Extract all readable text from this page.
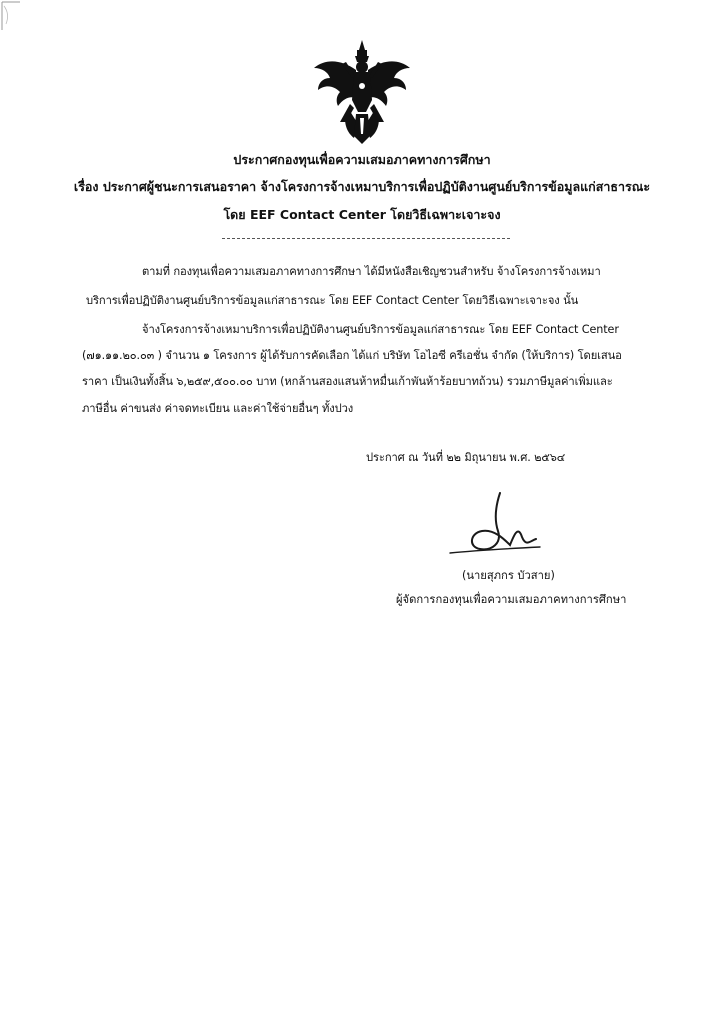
ประกาศกองทุนเพื่อความเสมอภาคทางการศึกษา
เรื่อง ประกาศผู้ชนะการเสนอราคา จ้างโครงการจ้างเหมาบริการเพื่อปฏิบัติงานศูนย์บริการข้อมูลแก่สาธารณะ
โดย EEF Contact Center โดยวิธีเฉพาะเจาะจง
ตามที่ กองทุนเพื่อความเสมอภาคทางการศึกษา ได้มีหนังสือเชิญชวนสำหรับ จ้างโครงการจ้างเหมา
บริการเพื่อปฏิบัติงานศูนย์บริการข้อมูลแก่สาธารณะ โดย EEF Contact Center โดยวิธีเฉพาะเจาะจง นั้น
จ้างโครงการจ้างเหมาบริการเพื่อปฏิบัติงานศูนย์บริการข้อมูลแก่สาธารณะ โดย EEF Contact Center
(๗๑.๑๑.๒๐.๐๓ ) จำนวน ๑ โครงการ ผู้ได้รับการคัดเลือก ได้แก่ บริษัท โอไอซี ครีเอชั่น จำกัด (ให้บริการ) โดยเสนอ
ราคา เป็นเงินทั้งสิ้น ๖,๒๕๙,๕๐๐.๐๐ บาท (หกล้านสองแสนห้าหมื่นเก้าพันห้าร้อยบาทถ้วน) รวมภาษีมูลค่าเพิ่มและ
ภาษีอื่น ค่าขนส่ง ค่าจดทะเบียน และค่าใช้จ่ายอื่นๆ ทั้งปวง
ประกาศ ณ วันที่ ๒๒ มิถุนายน พ.ศ. ๒๕๖๔
(นายสุภกร บัวสาย)
ผู้จัดการกองทุนเพื่อความเสมอภาคทางการศึกษา
